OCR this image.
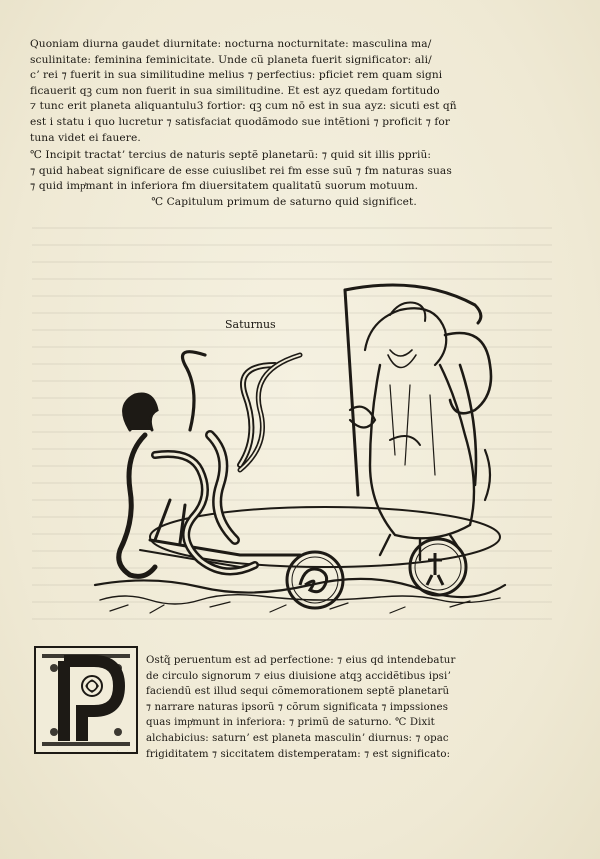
Quoniam diurna gaudet diurnitate: nocturna nocturnitate: masculina ma/
sculinitate: feminina feminicitate. Unde cũ planeta fuerit significator: ali/
cʼ rei ⁊ fuerit in sua similitudine melius ⁊ perfectius: pficiet rem quam signi
ficauerit qꝫ cum non fuerit in sua similitudine. Et est ayz quedam fortitudo
⁊ tunc erit planeta aliquantulu3 fortior: qꝫ cum nō est in sua ayz: sicuti est qñ
est i statu i quo lucretur ⁊ satisfaciat quodãmodo sue intẽtioni ⁊ proficit ⁊ for
tuna videt ei fauere.
℃ Incipit tractatʼ tercius de naturis septẽ planetarũ: ⁊ quid sit illis ppriũ:
⁊ quid habeat significare de esse cuiuslibet rei fm esse suũ ⁊ fm naturas suas
⁊ quid impͥmant in inferiora fm diuersitatem qualitatũ suorum motuum.
℃ Capitulum primum de saturno quid significet.
Saturnus
P
Ostq̃ peruentum est ad perfectione: ⁊ eius qd intendebatur
de circulo signorum ⁊ eius diuisione atqꝫ accidẽtibus ipsiʼ
faciendũ est illud sequi cõmemorationem septẽ planetarũ
⁊ narrare naturas ipsorũ ⁊ cõrum significata ⁊ impssiones
quas impͥmunt in inferiora: ⁊ primũ de saturno. ℃ Dixit
alchabicius: saturnʼ est planeta masculinʼ diurnus: ⁊ opac
frigiditatem ⁊ siccitatem distemperatam: ⁊ est significato:
